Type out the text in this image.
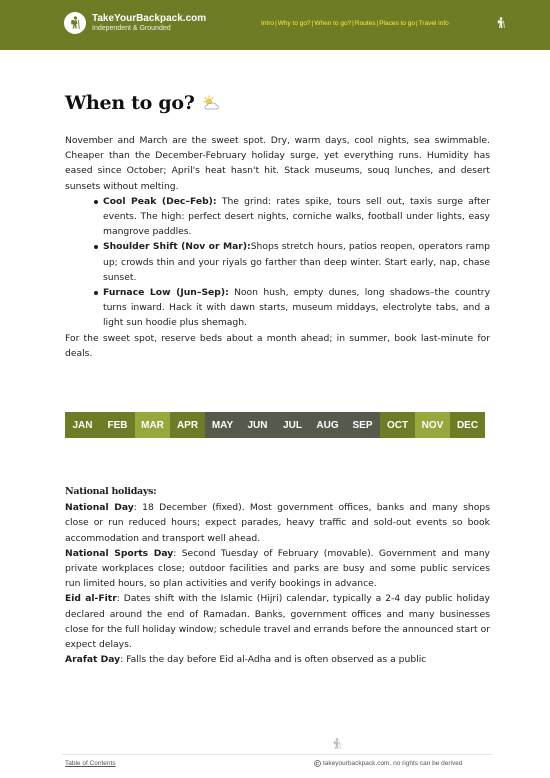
TakeYourBackpack.com
Independent & Grounded
Intro | Why to go? | When to go? | Routes | Places to go | Travel info
When to go?

November and March are the sweet spot. Dry, warm days, cool nights, sea swimmable. Cheaper than the December-February holiday surge, yet everything runs. Humidity has eased since October; April's heat hasn't hit. Stack museums, souq lunches, and desert sunsets without melting.

Cool Peak (Dec–Feb): The grind: rates spike, tours sell out, taxis surge after events. The high: perfect desert nights, corniche walks, football under lights, easy mangrove paddles.
Shoulder Shift (Nov or Mar):Shops stretch hours, patios reopen, operators ramp up; crowds thin and your riyals go farther than deep winter. Start early, nap, chase sunset.
Furnace Low (Jun–Sep): Noon hush, empty dunes, long shadows–the country turns inward. Hack it with dawn starts, museum middays, electrolyte tabs, and a light sun hoodie plus shemagh.

For the sweet spot, reserve beds about a month ahead; in summer, book last-minute for deals.

JAN FEB MAR APR MAY JUN JUL AUG SEP OCT NOV DEC
National holidays:

National Day: 18 December (fixed). Most government offices, banks and many shops close or run reduced hours; expect parades, heavy traffic and sold-out events so book accommodation and transport well ahead.

National Sports Day: Second Tuesday of February (movable). Government and many private workplaces close; outdoor facilities and parks are busy and some public services run limited hours, so plan activities and verify bookings in advance.

Eid al-Fitr: Dates shift with the Islamic (Hijri) calendar, typically a 2-4 day public holiday declared around the end of Ramadan. Banks, government offices and many businesses close for the full holiday window; schedule travel and errands before the announced start or expect delays.

Arafat Day: Falls the day before Eid al-Adha and is often observed as a public

Table of Contents	takeyourbackpack.com, no rights can be derived
